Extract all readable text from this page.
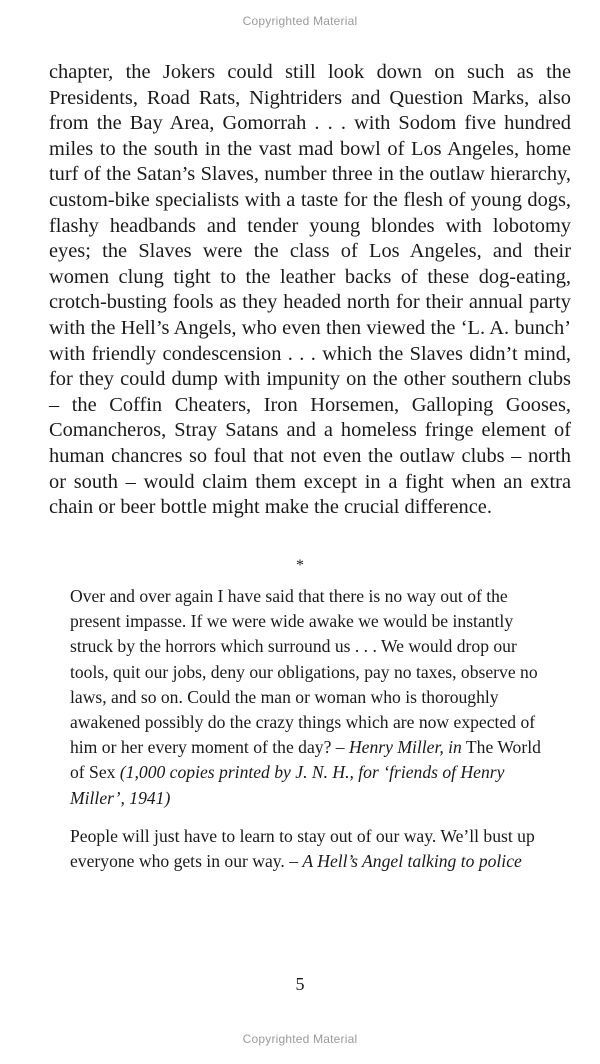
Copyrighted Material

chapter, the Jokers could still look down on such as the Presidents, Road Rats, Nightriders and Question Marks, also from the Bay Area, Gomorrah . . . with Sodom five hundred miles to the south in the vast mad bowl of Los Angeles, home turf of the Satan’s Slaves, number three in the outlaw hierarchy, custom-bike specialists with a taste for the flesh of young dogs, flashy headbands and tender young blondes with lobotomy eyes; the Slaves were the class of Los Angeles, and their women clung tight to the leather backs of these dog-eating, crotch-busting fools as they headed north for their annual party with the Hell’s Angels, who even then viewed the ‘L. A. bunch’ with friendly condescension . . . which the Slaves didn’t mind, for they could dump with impunity on the other southern clubs – the Coffin Cheaters, Iron Horsemen, Galloping Gooses, Comancheros, Stray Satans and a homeless fringe element of human chancres so foul that not even the outlaw clubs – north or south – would claim them except in a fight when an extra chain or beer bottle might make the crucial difference.

*

Over and over again I have said that there is no way out of the present impasse. If we were wide awake we would be instantly struck by the horrors which surround us . . . We would drop our tools, quit our jobs, deny our obligations, pay no taxes, observe no laws, and so on. Could the man or woman who is thoroughly awakened possibly do the crazy things which are now expected of him or her every moment of the day? – Henry Miller, in The World of Sex (1,000 copies printed by J. N. H., for ‘friends of Henry Miller’, 1941)

People will just have to learn to stay out of our way. We’ll bust up everyone who gets in our way. – A Hell’s Angel talking to police

5
Copyrighted Material
